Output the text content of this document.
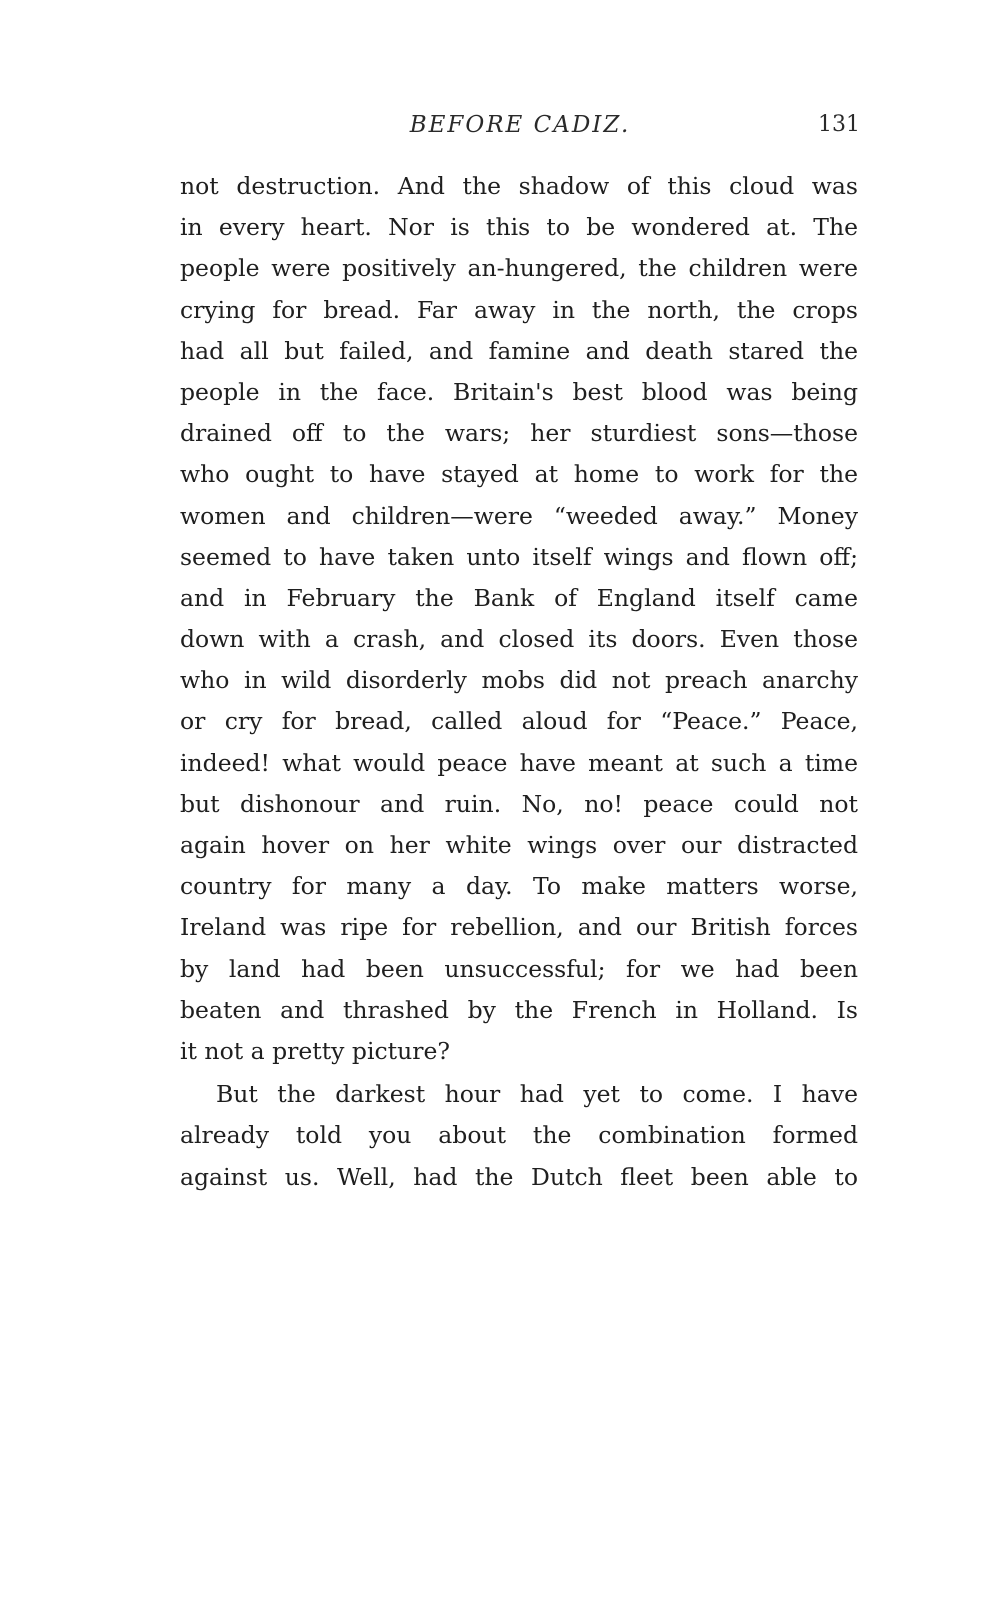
BEFORE CADIZ.	131
not destruction. And the shadow of this cloud was
in every heart. Nor is this to be wondered at. The
people were positively an-hungered, the children were
crying for bread. Far away in the north, the crops
had all but failed, and famine and death stared the
people in the face. Britain's best blood was being
drained off to the wars; her sturdiest sons—those
who ought to have stayed at home to work for the
women and children—were “weeded away.” Money
seemed to have taken unto itself wings and flown off;
and in February the Bank of England itself came
down with a crash, and closed its doors. Even those
who in wild disorderly mobs did not preach anarchy
or cry for bread, called aloud for “Peace.” Peace,
indeed! what would peace have meant at such a time
but dishonour and ruin. No, no! peace could not
again hover on her white wings over our distracted
country for many a day. To make matters worse,
Ireland was ripe for rebellion, and our British forces
by land had been unsuccessful; for we had been
beaten and thrashed by the French in Holland. Is
it not a pretty picture?
But the darkest hour had yet to come. I have
already told you about the combination formed
against us. Well, had the Dutch fleet been able to
